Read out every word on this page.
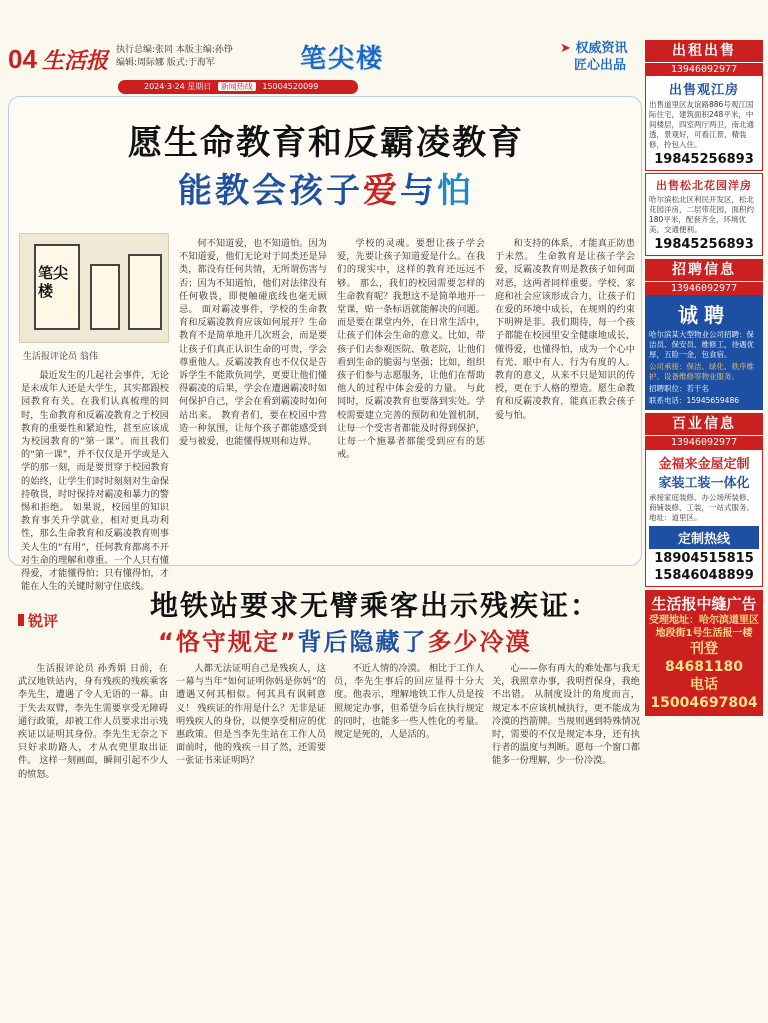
04 生活报 执行总编:张同 本版主编:孙铮
编辑:周际娜 版式:于海军	笔尖楼	➤ 权威资讯
匠心出品
2024·3·24 星期日 新闻热线 15004520099
愿生命教育和反霸凌教育
能教会孩子爱与怕
笔尖楼
生活报评论员 翁伟

最近发生的几起社会事件，无论是未成年人还是大学生，其实都跟校园教育有关。在我们认真梳理的同时，生命教育和反霸凌教育之于校园教育的重要性和紧迫性，甚至应该成为校园教育的“第一课”。而且我们的“第一课”，并不仅仅是开学或是入学的那一刻，而是要贯穿于校园教育的始终，让学生们时时刻刻对生命保持敬畏，时时保持对霸凌和暴力的警惕和拒绝。 如果说，校园里的知识教育事关升学就业，相对更具功利性，那么生命教育和反霸凌教育则事关人生的“有用”，任何教育都离不开对生命的理解和尊重。一个人只有懂得爱，才能懂得怕；只有懂得怕，才能在人生的关键时刻守住底线。

何不知道爱，也不知道怕。因为不知道爱，他们无论对于同类还是异类，都没有任何共情，无所谓伤害与否；因为不知道怕，他们对法律没有任何敬畏，即便触碰底线也毫无顾忌。 面对霸凌事件，学校的生命教育和反霸凌教育应该如何展开？生命教育不是简单地开几次班会，而是要让孩子们真正认识生命的可贵，学会尊重他人。反霸凌教育也不仅仅是告诉学生不能欺负同学，更要让他们懂得霸凌的后果，学会在遭遇霸凌时如何保护自己，学会在看到霸凌时如何站出来。 教育者们，要在校园中营造一种氛围，让每个孩子都能感受到爱与被爱，也能懂得规则和边界。

学校的灵魂。要想让孩子学会爱，先要让孩子知道爱是什么。在我们的现实中，这样的教育还远远不够。 那么，我们的校园需要怎样的生命教育呢？我想这不是简单地开一堂课，贴一条标语就能解决的问题。而是要在课堂内外，在日常生活中，让孩子们体会生命的意义。比如，带孩子们去参观医院、敬老院，让他们看到生命的脆弱与坚强；比如，组织孩子们参与志愿服务，让他们在帮助他人的过程中体会爱的力量。 与此同时，反霸凌教育也要落到实处。学校需要建立完善的预防和处置机制，让每一个受害者都能及时得到保护，让每一个施暴者都能受到应有的惩戒。

和支持的体系，才能真正防患于未然。 生命教育是让孩子学会爱，反霸凌教育则是教孩子如何面对恶，这两者同样重要。学校、家庭和社会应该形成合力，让孩子们在爱的环境中成长，在规则的约束下明辨是非。我们期待，每一个孩子都能在校园里安全健康地成长，懂得爱，也懂得怕，成为一个心中有光、眼中有人、行为有度的人。 教育的意义，从来不只是知识的传授，更在于人格的塑造。愿生命教育和反霸凌教育，能真正教会孩子爱与怕。

锐评	地铁站要求无臂乘客出示残疾证：
“恪守规定”背后隐藏了多少冷漠

生活报评论员 孙秀娟 日前，在武汉地铁站内，身有残疾的残疾乘客李先生，遭遇了令人无语的一幕。由于失去双臂，李先生需要享受无障碍通行政策，却被工作人员要求出示残疾证以证明其身份。李先生无奈之下只好求助路人，才从衣兜里取出证件。 这样一刻画面，瞬间引起不少人的愤怒。

人都无法证明自己是残疾人，这一幕与当年“如何证明你妈是你妈”的遭遇又何其相似。何其具有讽刺意义！ 残疾证的作用是什么？无非是证明残疾人的身份，以便享受相应的优惠政策。但是当李先生站在工作人员面前时，他的残疾一目了然，还需要一张证书来证明吗？

不近人情的冷漠。 相比于工作人员，李先生事后的回应显得十分大度。他表示，理解地铁工作人员是按照规定办事，但希望今后在执行规定的同时，也能多一些人性化的考量。 规定是死的，人是活的。

心——你有再大的难处都与我无关，我照章办事，我明哲保身，我绝不出错。 从制度设计的角度而言，规定本不应该机械执行，更不能成为冷漠的挡箭牌。当规则遇到特殊情况时，需要的不仅是规定本身，还有执行者的温度与判断。愿每一个窗口都能多一份理解，少一份冷漠。

出租出售
13946092977
出售观江房
出售道里区友谊路886号观江国际住宅，建筑面积248平米，中间楼层，四室两厅两卫，南北通透，景观好，可看江景，精装修，拎包入住。
19845256893
出售松北花园洋房
哈尔滨松北区利民开发区，松北花园洋房，二层带花园，面积约180平米，配套齐全，环境优美，交通便利。
19845256893
招聘信息
13946092977
诚聘
哈尔滨某大型物业公司招聘：保洁员、保安员、维修工，待遇优厚，五险一金，包食宿。
公司承接：保洁、绿化、秩序维护、设备维修等物业服务。
招聘职位：若干名
联系电话：15945659486
百业信息
13946092977
金福来金屋定制
家装工装一体化
承接家庭装修、办公场所装修、商铺装修、工装，一站式服务。地址：道里区。
定制热线
18904515815
15846048899
生活报中缝广告
受理地址：哈尔滨道里区地段街1号生活报一楼
刊登 84681180
电话 15004697804
